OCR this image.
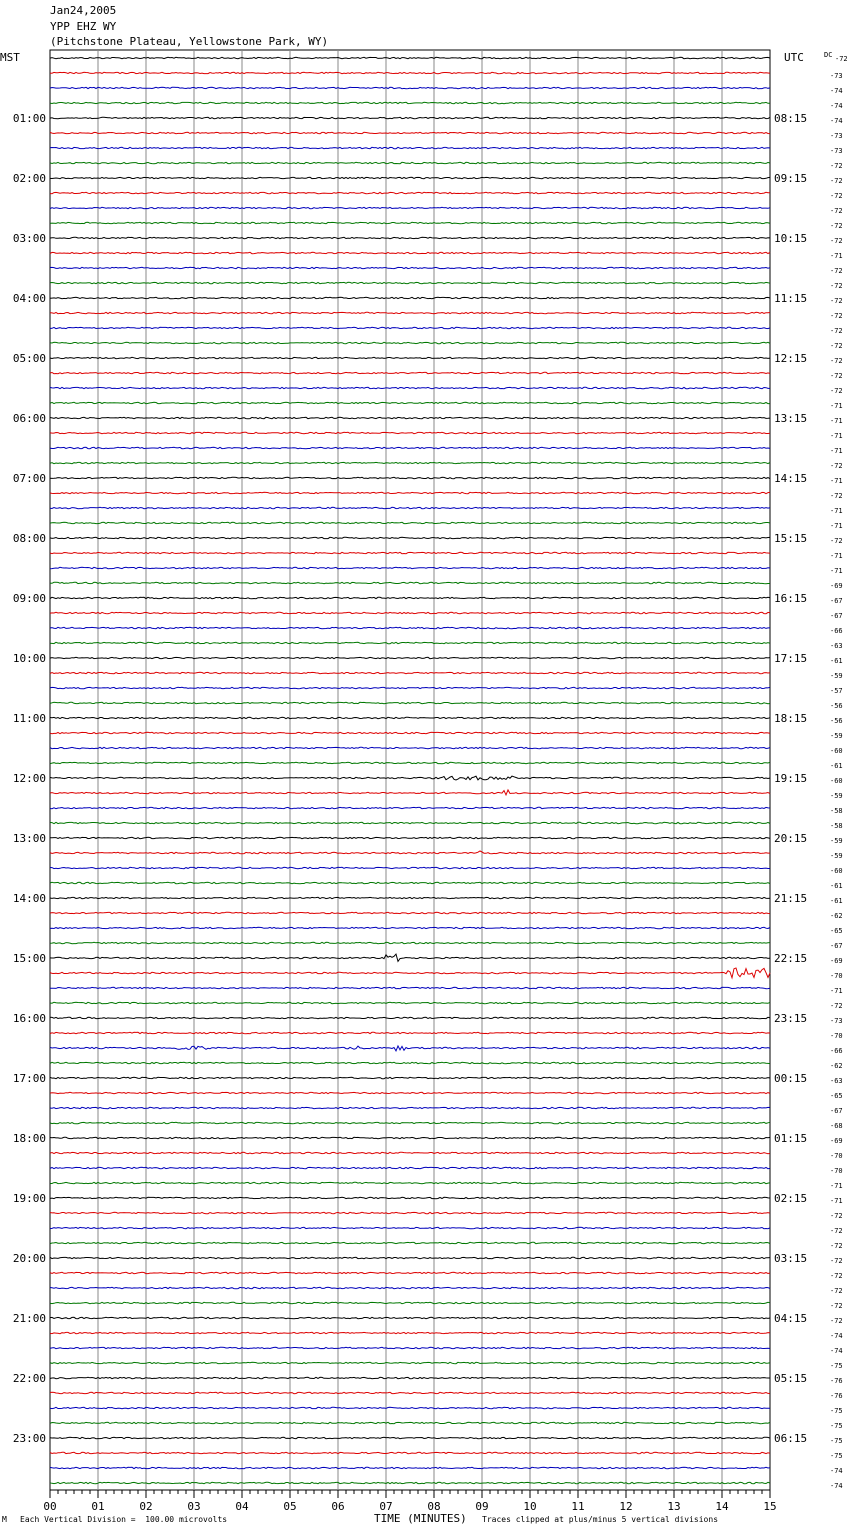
Jan24,2005
YPP EHZ WY
(Pitchstone Plateau, Yellowstone Park, WY)
01:00
02:00
03:00
04:00
05:00
06:00
07:00
08:00
09:00
10:00
11:00
12:00
13:00
14:00
15:00
16:00
17:00
18:00
19:00
20:00
21:00
22:00
23:00
08:15
09:15
10:15
11:15
12:15
13:15
14:15
15:15
16:15
17:15
18:15
19:15
20:15
21:15
22:15
23:15
00:15
01:15
02:15
03:15
04:15
05:15
06:15
MST	UTC	DC -72
-73
-74
-74
-74
-73
-73
-72
-72
-72
-72
-72
-72
-71
-72
-72
-72
-72
-72
-72
-72
-72
-72
-71
-71
-71
-71
-72
-71
-72
-71
-71
-72
-71
-71
-69
-67
-67
-66
-63
-61
-59
-57
-56
-56
-59
-60
-61
-60
-59
-58
-58
-59
-59
-60
-61
-61
-62
-65
-67
-69
-70
-71
-72
-73
-70
-66
-62
-63
-65
-67
-68
-69
-70
-70
-71
-71
-72
-72
-72
-72
-72
-72
-72
-72
-74
-74
-75
-76
-76
-75
-75
-75
-75
-74
-74
00	01	02	03	04	05	06	07	08	09	10	11	12	13	14	15
M Each Vertical Division =  100.00 microvolts	TIME (MINUTES) Traces clipped at plus/minus 5 vertical divisions
